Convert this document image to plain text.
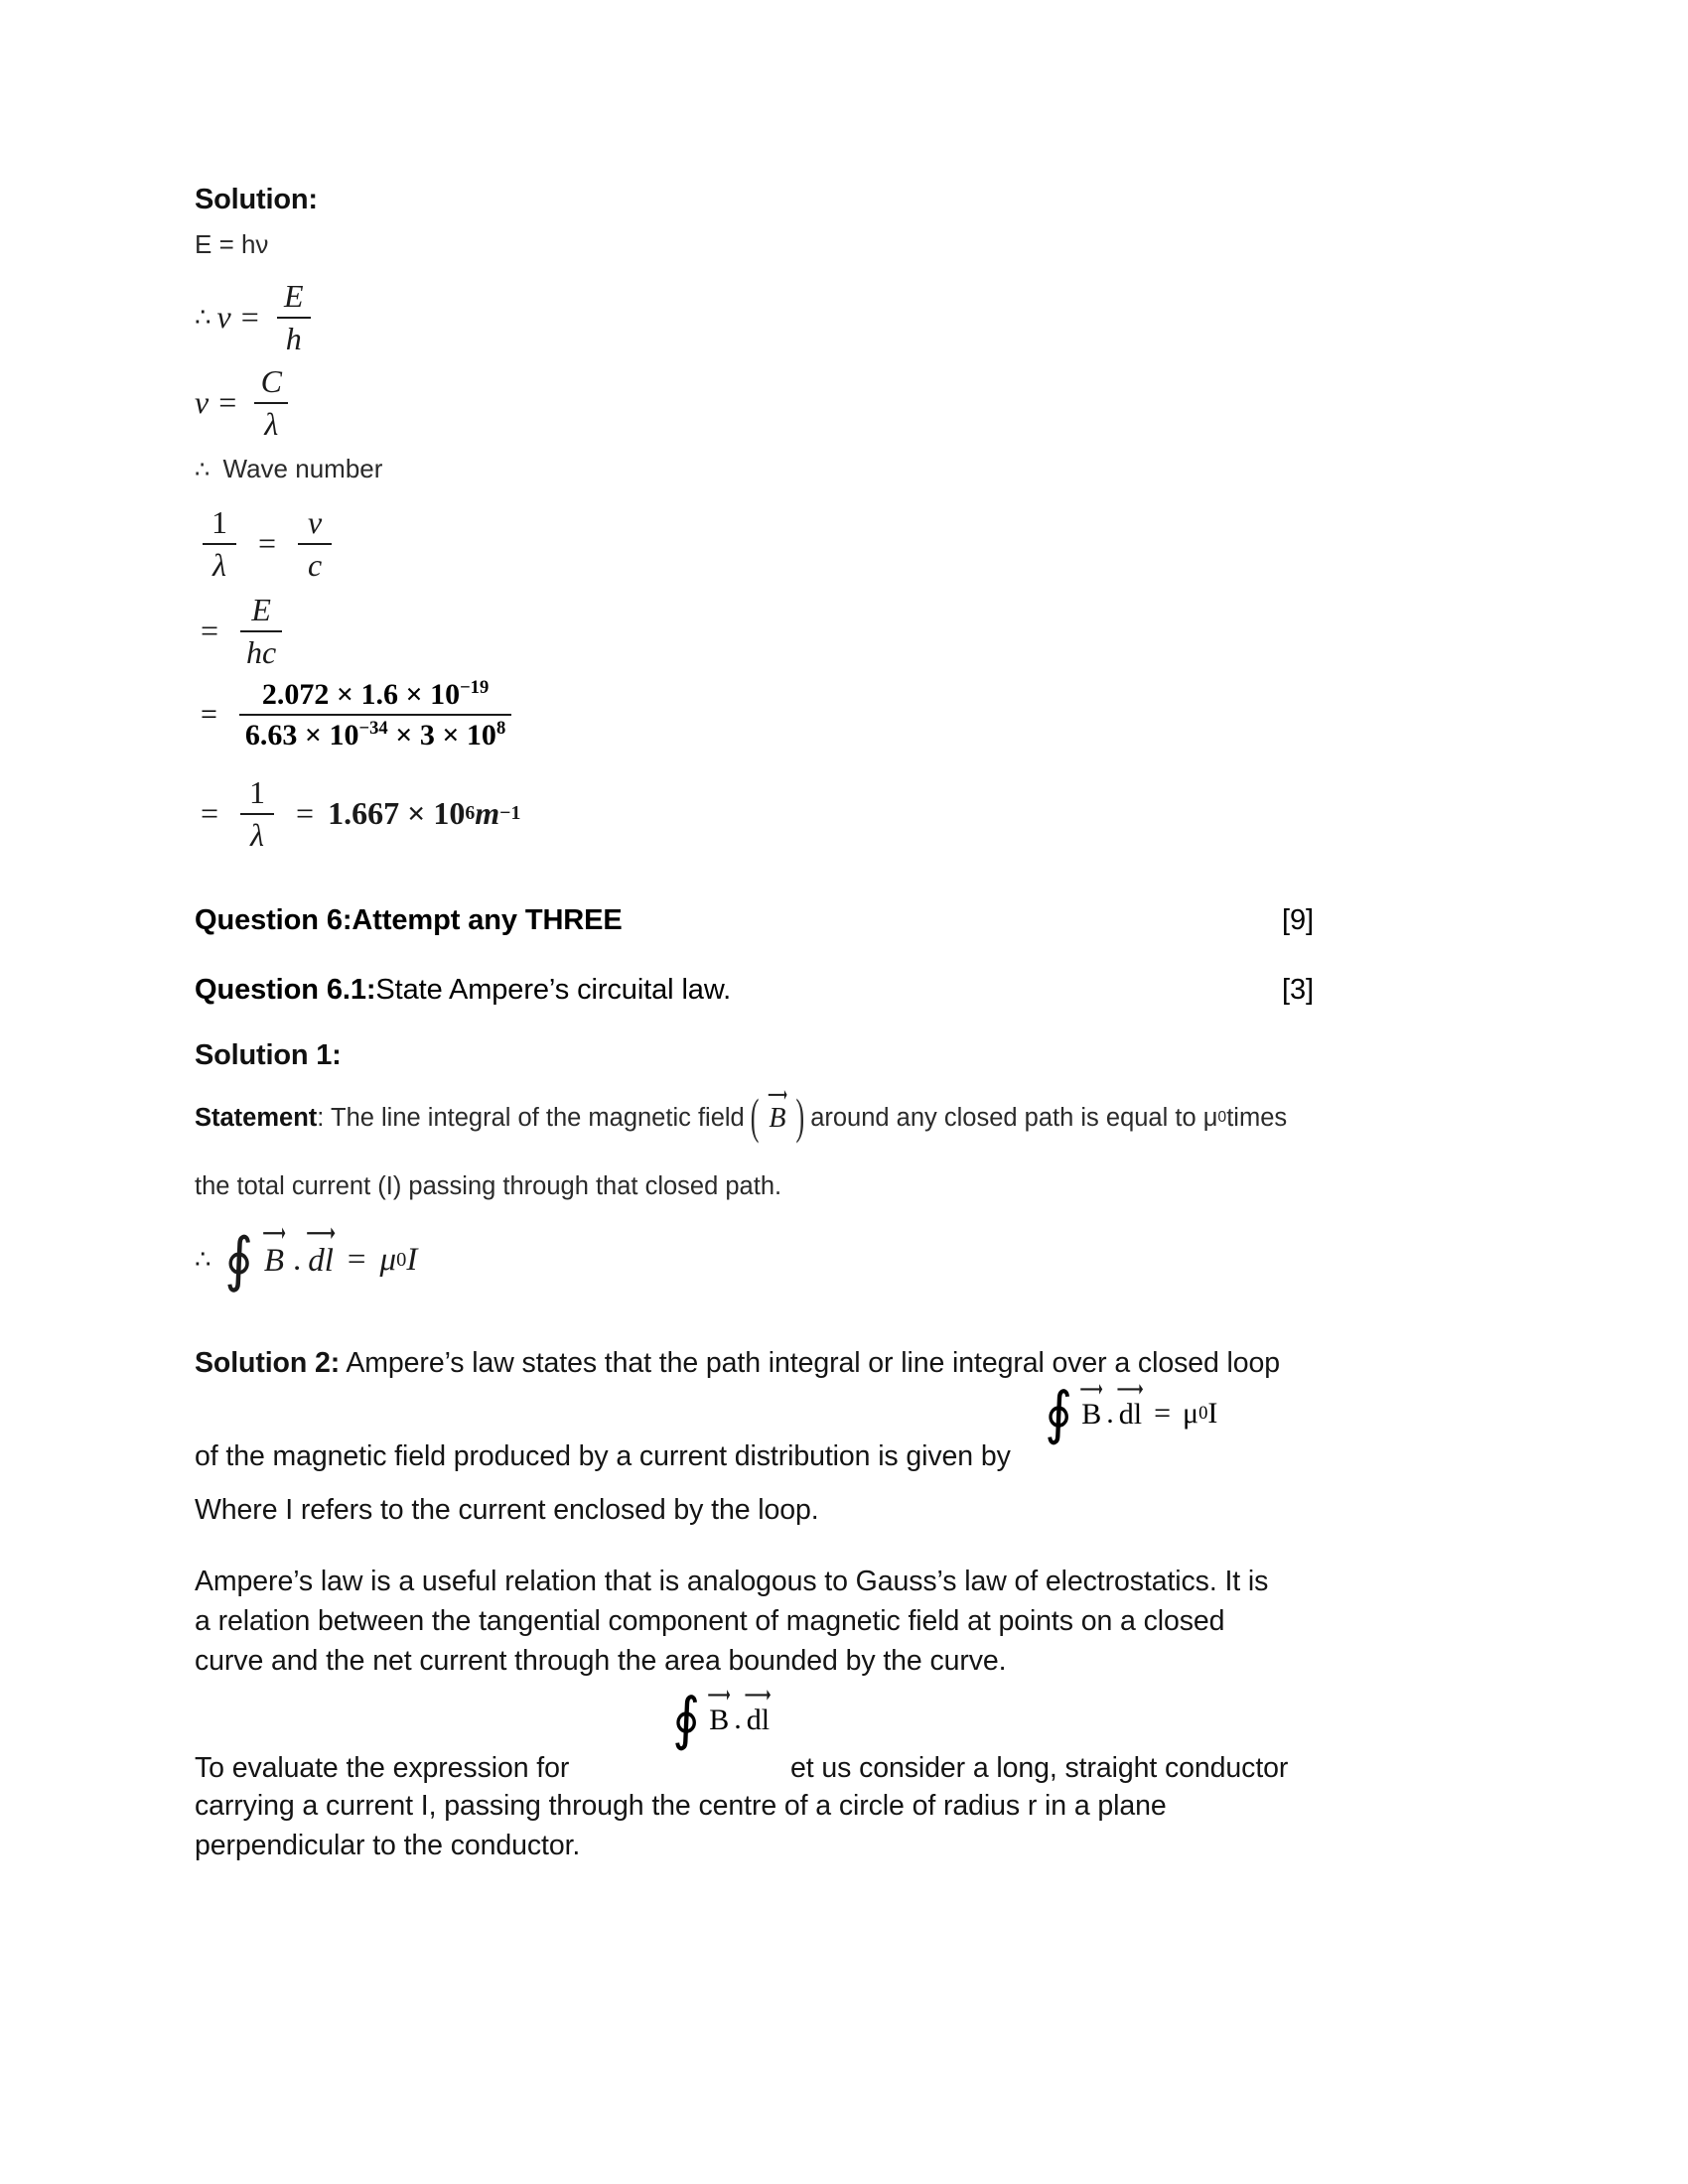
Solution:
E = hν
∴ $v = \frac{E}{h}$
$v = \frac{C}{\lambda}$
∴ Wave number
$\frac{1}{\lambda} = \frac{v}{c}$
= $\frac{E}{hc}$
= $\frac{2.072 \times 1.6 \times 10^{-19}}{6.63 \times 10^{-34} \times 3 \times 10^8}$
= $\frac{1}{\lambda} = 1.667 \times 10$ 6 m −1
Question 6: Attempt any THREE	[9]
Question 6.1: State Ampere’s circuital law.	[3]
Solution 1:
Statement : The line integral of the magnetic field ( B ) around any closed path is equal to μ 0 times
the total current (I) passing through that closed path.
∴ ∮ B . dl = μ 0 I
Solution 2: Ampere’s law states that the path integral or line integral over a closed loop
of the magnetic field produced by a current distribution is given by
∮ B . dl = μ 0 I
Where I refers to the current enclosed by the loop.
Ampere’s law is a useful relation that is analogous to Gauss’s law of electrostatics. It is
a relation between the tangential component of magnetic field at points on a closed
curve and the net current through the area bounded by the curve.
To evaluate the expression for
∮ B . dl
et us consider a long, straight conductor
carrying a current I, passing through the centre of a circle of radius r in a plane
perpendicular to the conductor.
